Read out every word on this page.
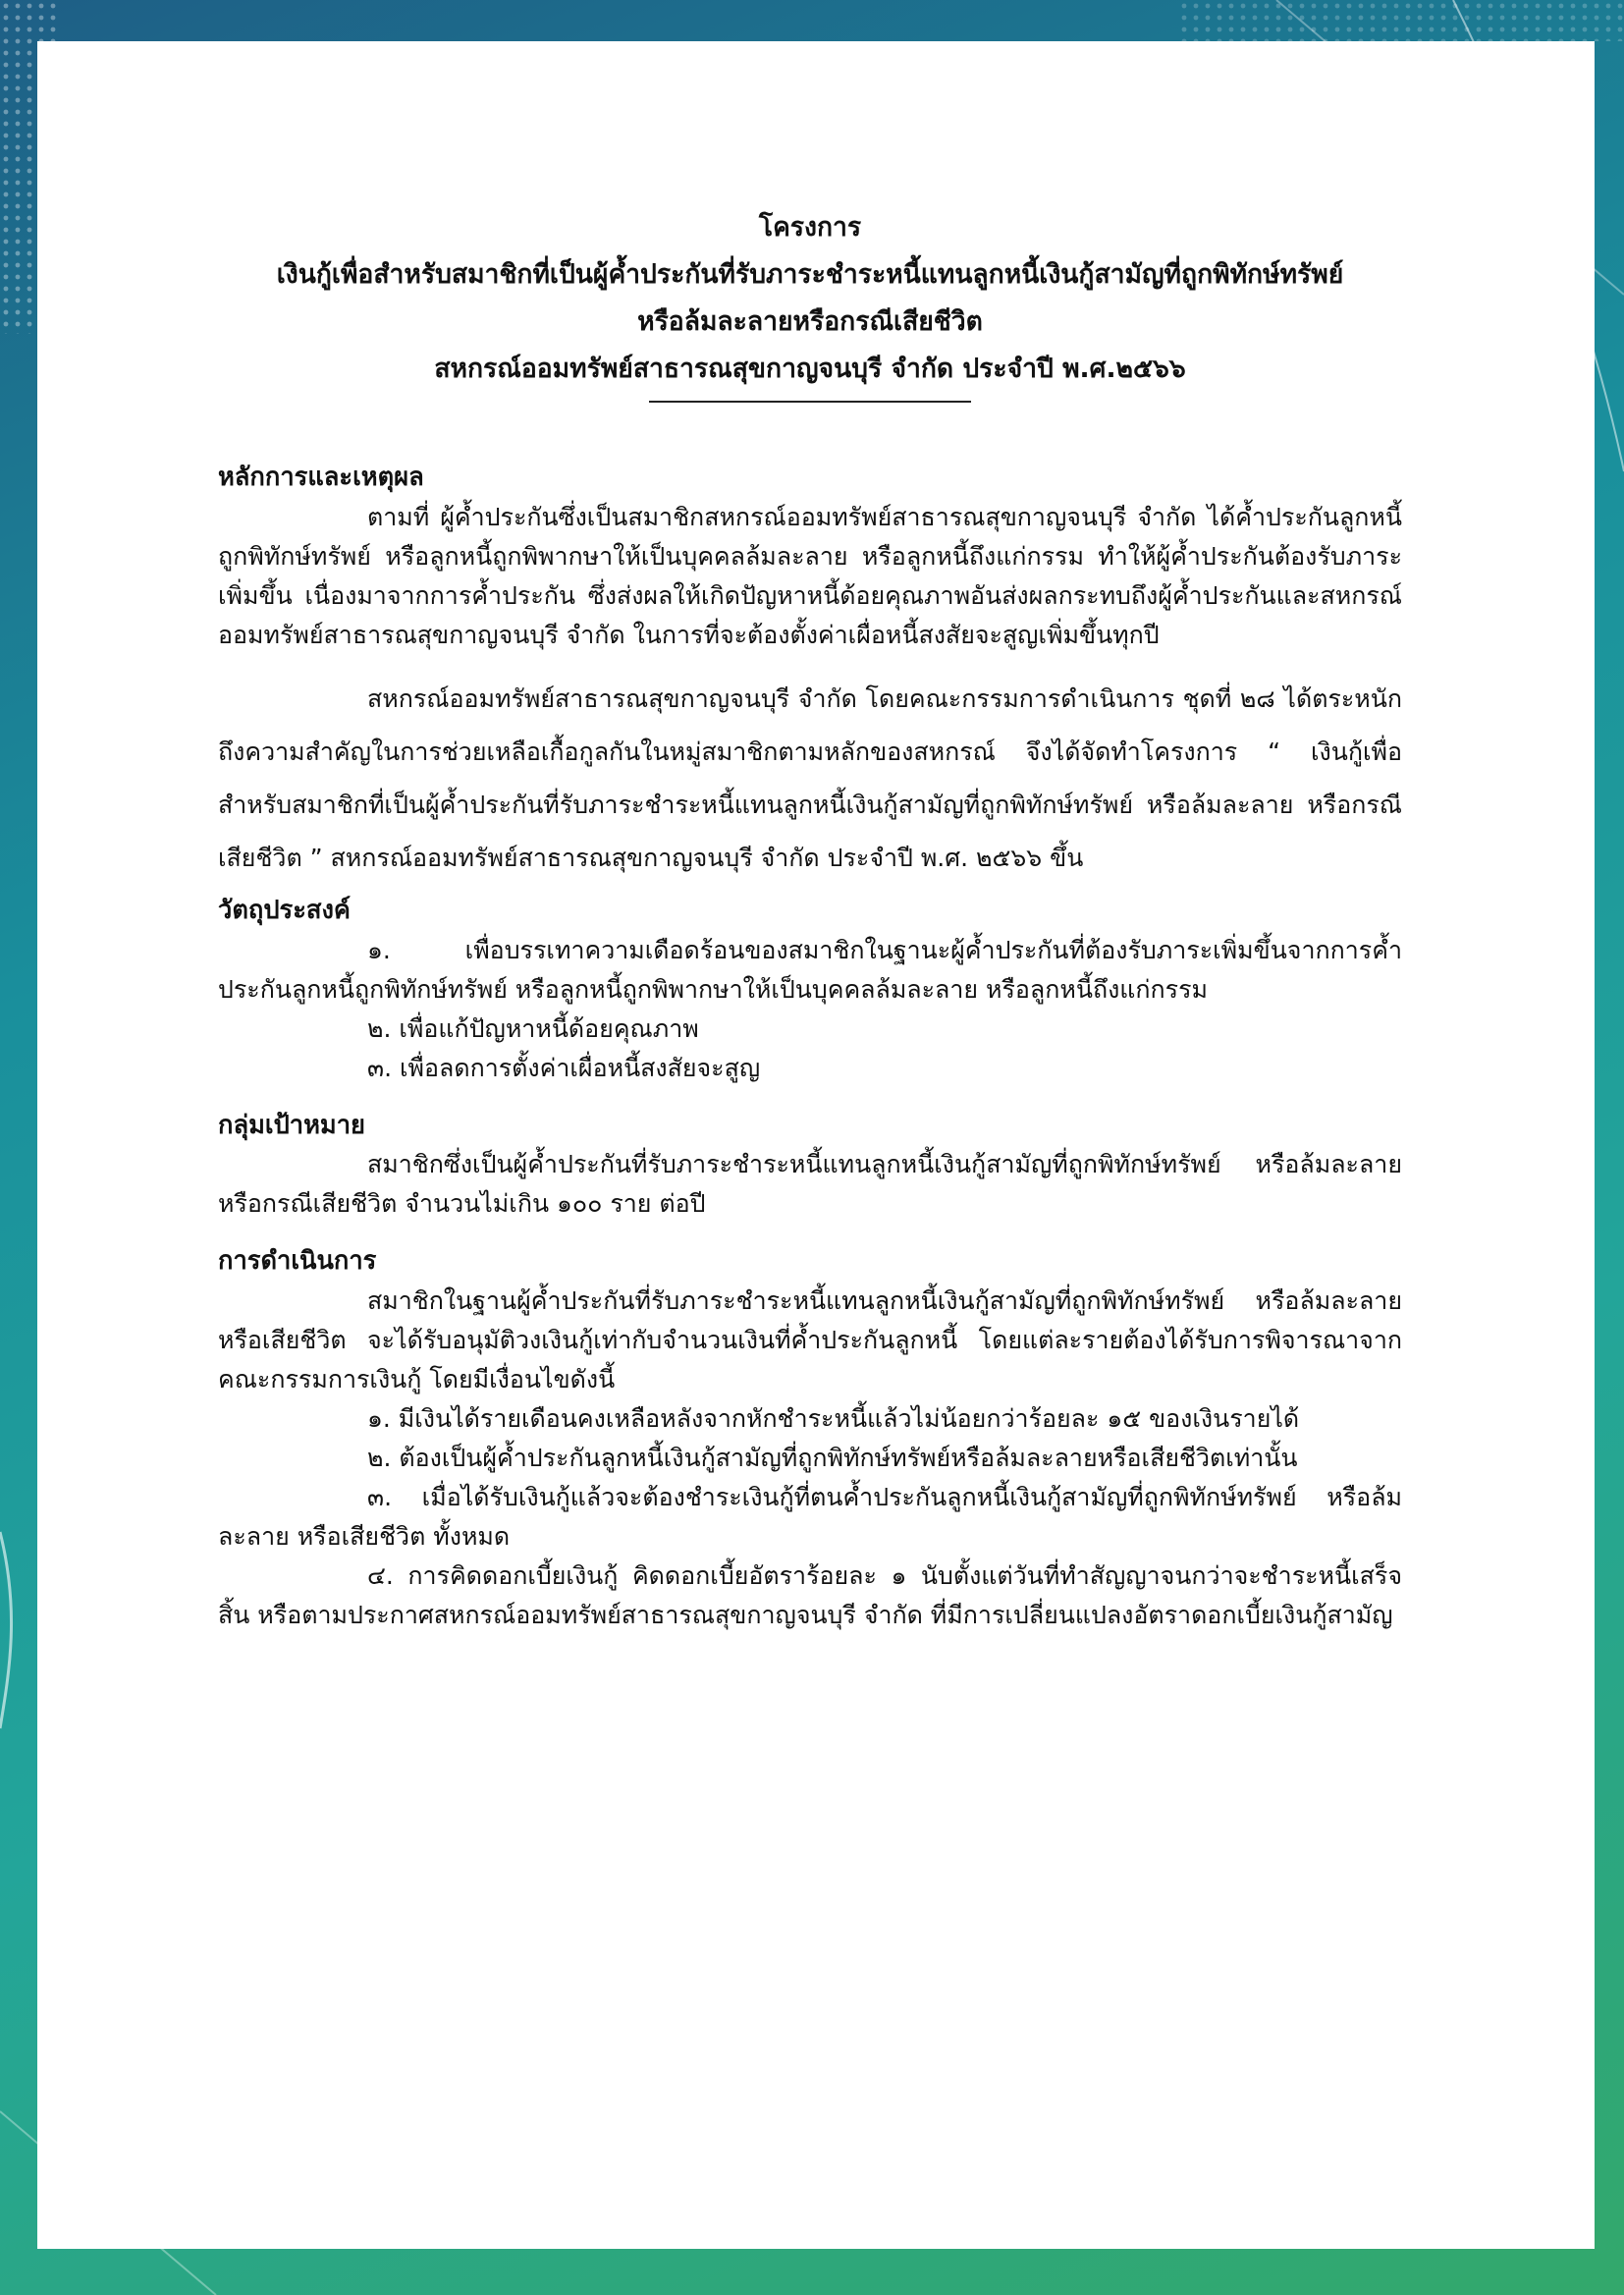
โครงการ
เงินกู้เพื่อสำหรับสมาชิกที่เป็นผู้ค้ำประกันที่รับภาระชำระหนี้แทนลูกหนี้เงินกู้สามัญที่ถูกพิทักษ์ทรัพย์
หรือล้มละลายหรือกรณีเสียชีวิต
สหกรณ์ออมทรัพย์สาธารณสุขกาญจนบุรี จำกัด ประจำปี พ.ศ.๒๕๖๖

หลักการและเหตุผล

ตามที่ ผู้ค้ำประกันซึ่งเป็นสมาชิกสหกรณ์ออมทรัพย์สาธารณสุขกาญจนบุรี จำกัด ได้ค้ำประกันลูกหนี้ถูกพิทักษ์ทรัพย์ หรือลูกหนี้ถูกพิพากษาให้เป็นบุคคลล้มละลาย หรือลูกหนี้ถึงแก่กรรม ทำให้ผู้ค้ำประกันต้องรับภาระเพิ่มขึ้น เนื่องมาจากการค้ำประกัน ซึ่งส่งผลให้เกิดปัญหาหนี้ด้อยคุณภาพอันส่งผลกระทบถึงผู้ค้ำประกันและสหกรณ์ออมทรัพย์สาธารณสุขกาญจนบุรี จำกัด ในการที่จะต้องตั้งค่าเผื่อหนี้สงสัยจะสูญเพิ่มขึ้นทุกปี

สหกรณ์ออมทรัพย์สาธารณสุขกาญจนบุรี จำกัด โดยคณะกรรมการดำเนินการ ชุดที่ ๒๘ ได้ตระหนักถึงความสำคัญในการช่วยเหลือเกื้อกูลกันในหมู่สมาชิกตามหลักของสหกรณ์ จึงได้จัดทำโครงการ “ เงินกู้เพื่อสำหรับสมาชิกที่เป็นผู้ค้ำประกันที่รับภาระชำระหนี้แทนลูกหนี้เงินกู้สามัญที่ถูกพิทักษ์ทรัพย์ หรือล้มละลาย หรือกรณีเสียชีวิต ” สหกรณ์ออมทรัพย์สาธารณสุขกาญจนบุรี จำกัด ประจำปี พ.ศ. ๒๕๖๖ ขึ้น

วัตถุประสงค์

๑. เพื่อบรรเทาความเดือดร้อนของสมาชิกในฐานะผู้ค้ำประกันที่ต้องรับภาระเพิ่มขึ้นจากการค้ำประกันลูกหนี้ถูกพิทักษ์ทรัพย์ หรือลูกหนี้ถูกพิพากษาให้เป็นบุคคลล้มละลาย หรือลูกหนี้ถึงแก่กรรม

๒. เพื่อแก้ปัญหาหนี้ด้อยคุณภาพ

๓. เพื่อลดการตั้งค่าเผื่อหนี้สงสัยจะสูญ

กลุ่มเป้าหมาย

สมาชิกซึ่งเป็นผู้ค้ำประกันที่รับภาระชำระหนี้แทนลูกหนี้เงินกู้สามัญที่ถูกพิทักษ์ทรัพย์ หรือล้มละลาย หรือกรณีเสียชีวิต จำนวนไม่เกิน ๑๐๐ ราย ต่อปี

การดำเนินการ

สมาชิกในฐานผู้ค้ำประกันที่รับภาระชำระหนี้แทนลูกหนี้เงินกู้สามัญที่ถูกพิทักษ์ทรัพย์ หรือล้มละลาย หรือเสียชีวิต จะได้รับอนุมัติวงเงินกู้เท่ากับจำนวนเงินที่ค้ำประกันลูกหนี้ โดยแต่ละรายต้องได้รับการพิจารณาจากคณะกรรมการเงินกู้ โดยมีเงื่อนไขดังนี้

๑. มีเงินได้รายเดือนคงเหลือหลังจากหักชำระหนี้แล้วไม่น้อยกว่าร้อยละ ๑๕ ของเงินรายได้

๒. ต้องเป็นผู้ค้ำประกันลูกหนี้เงินกู้สามัญที่ถูกพิทักษ์ทรัพย์หรือล้มละลายหรือเสียชีวิตเท่านั้น

๓. เมื่อได้รับเงินกู้แล้วจะต้องชำระเงินกู้ที่ตนค้ำประกันลูกหนี้เงินกู้สามัญที่ถูกพิทักษ์ทรัพย์ หรือล้มละลาย หรือเสียชีวิต ทั้งหมด

๔. การคิดดอกเบี้ยเงินกู้ คิดดอกเบี้ยอัตราร้อยละ ๑ นับตั้งแต่วันที่ทำสัญญาจนกว่าจะชำระหนี้เสร็จสิ้น หรือตามประกาศสหกรณ์ออมทรัพย์สาธารณสุขกาญจนบุรี จำกัด ที่มีการเปลี่ยนแปลงอัตราดอกเบี้ยเงินกู้สามัญ
